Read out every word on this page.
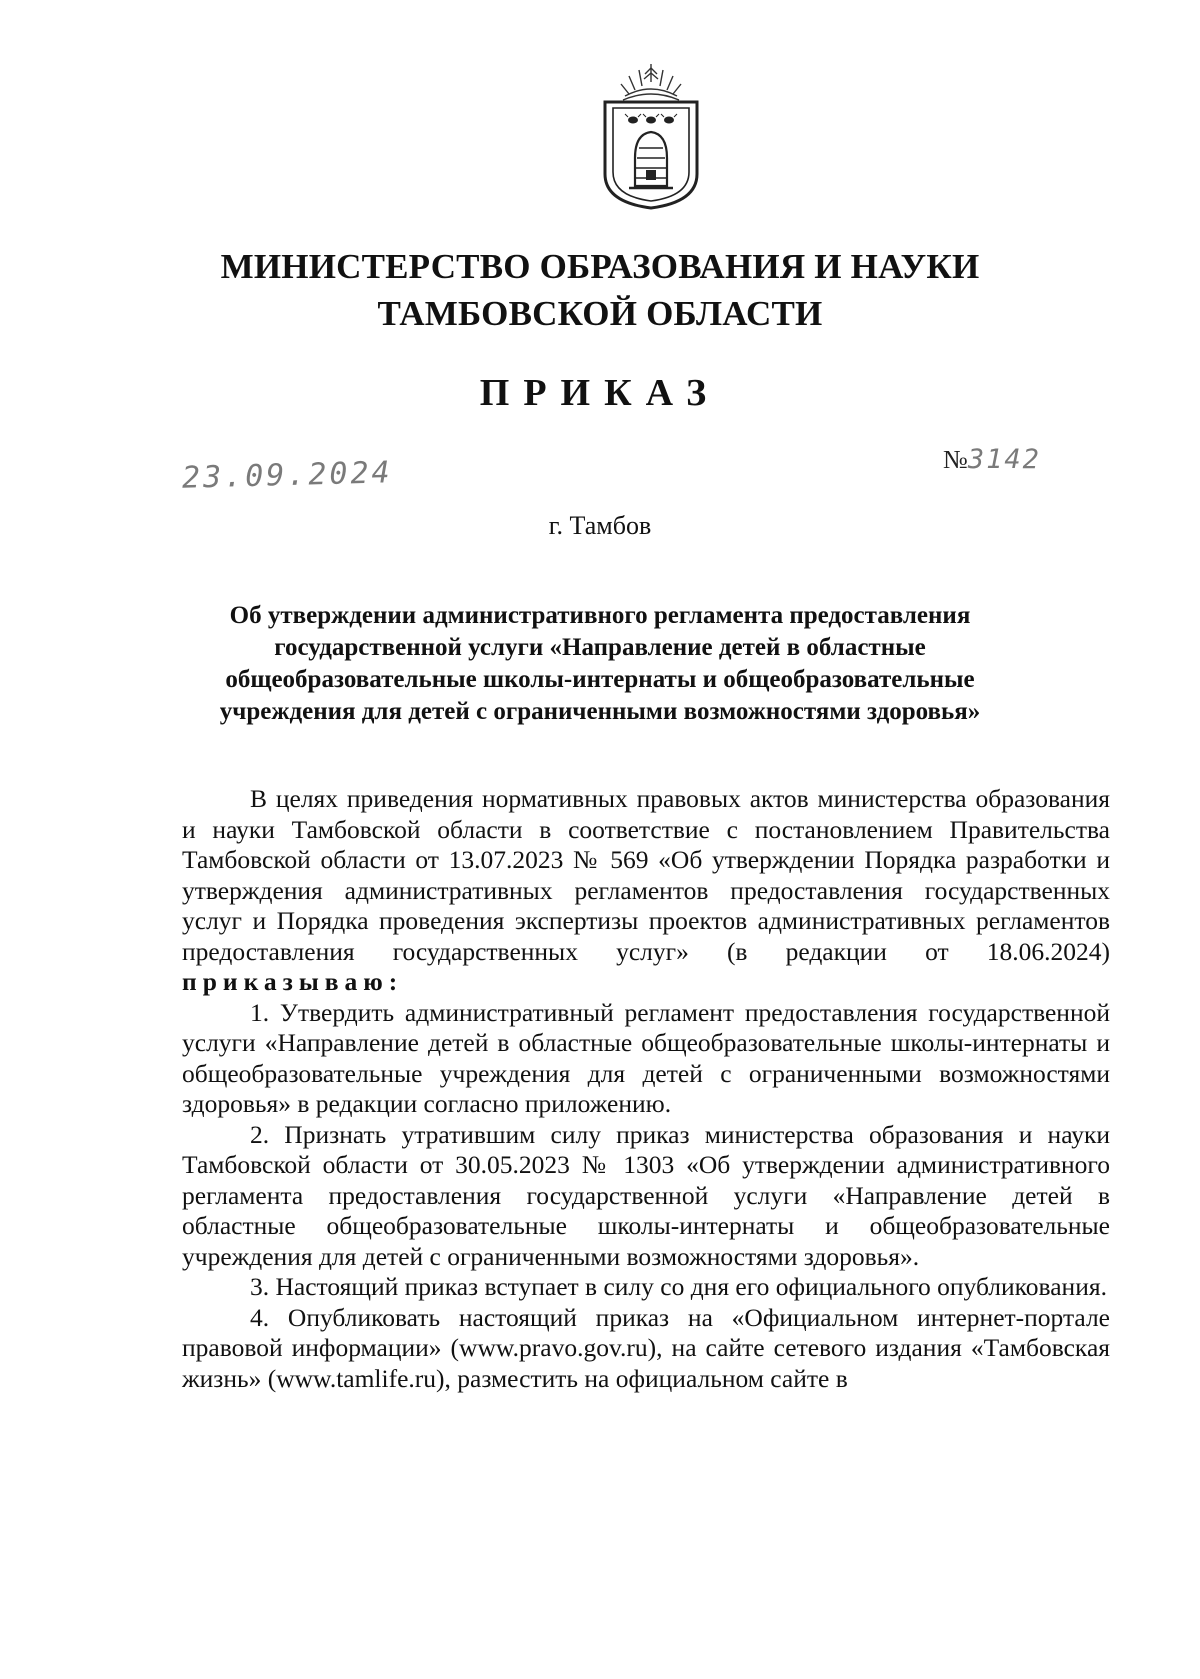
МИНИСТЕРСТВО ОБРАЗОВАНИЯ И НАУКИ
ТАМБОВСКОЙ ОБЛАСТИ
ПРИКАЗ
23.09.2024	№3142
г. Тамбов
Об утверждении административного регламента предоставления
государственной услуги «Направление детей в областные
общеобразовательные школы-интернаты и общеобразовательные
учреждения для детей с ограниченными возможностями здоровья»

В целях приведения нормативных правовых актов министерства образования и науки Тамбовской области в соответствие с постановлением Правительства Тамбовской области от 13.07.2023 № 569 «Об утверждении Порядка разработки и утверждения административных регламентов предоставления государственных услуг и Порядка проведения экспертизы проектов административных регламентов предоставления государственных услуг» (в редакции от 18.06.2024) приказываю:

1. Утвердить административный регламент предоставления государственной услуги «Направление детей в областные общеобразовательные школы-интернаты и общеобразовательные учреждения для детей с ограниченными возможностями здоровья» в редакции согласно приложению.

2. Признать утратившим силу приказ министерства образования и науки Тамбовской области от 30.05.2023 № 1303 «Об утверждении административного регламента предоставления государственной услуги «Направление детей в областные общеобразовательные школы-интернаты и общеобразовательные учреждения для детей с ограниченными возможностями здоровья».

3. Настоящий приказ вступает в силу со дня его официального опубликования.

4. Опубликовать настоящий приказ на «Официальном интернет-портале правовой информации» (www.pravo.gov.ru), на сайте сетевого издания «Тамбовская жизнь» (www.tamlife.ru), разместить на официальном сайте в
